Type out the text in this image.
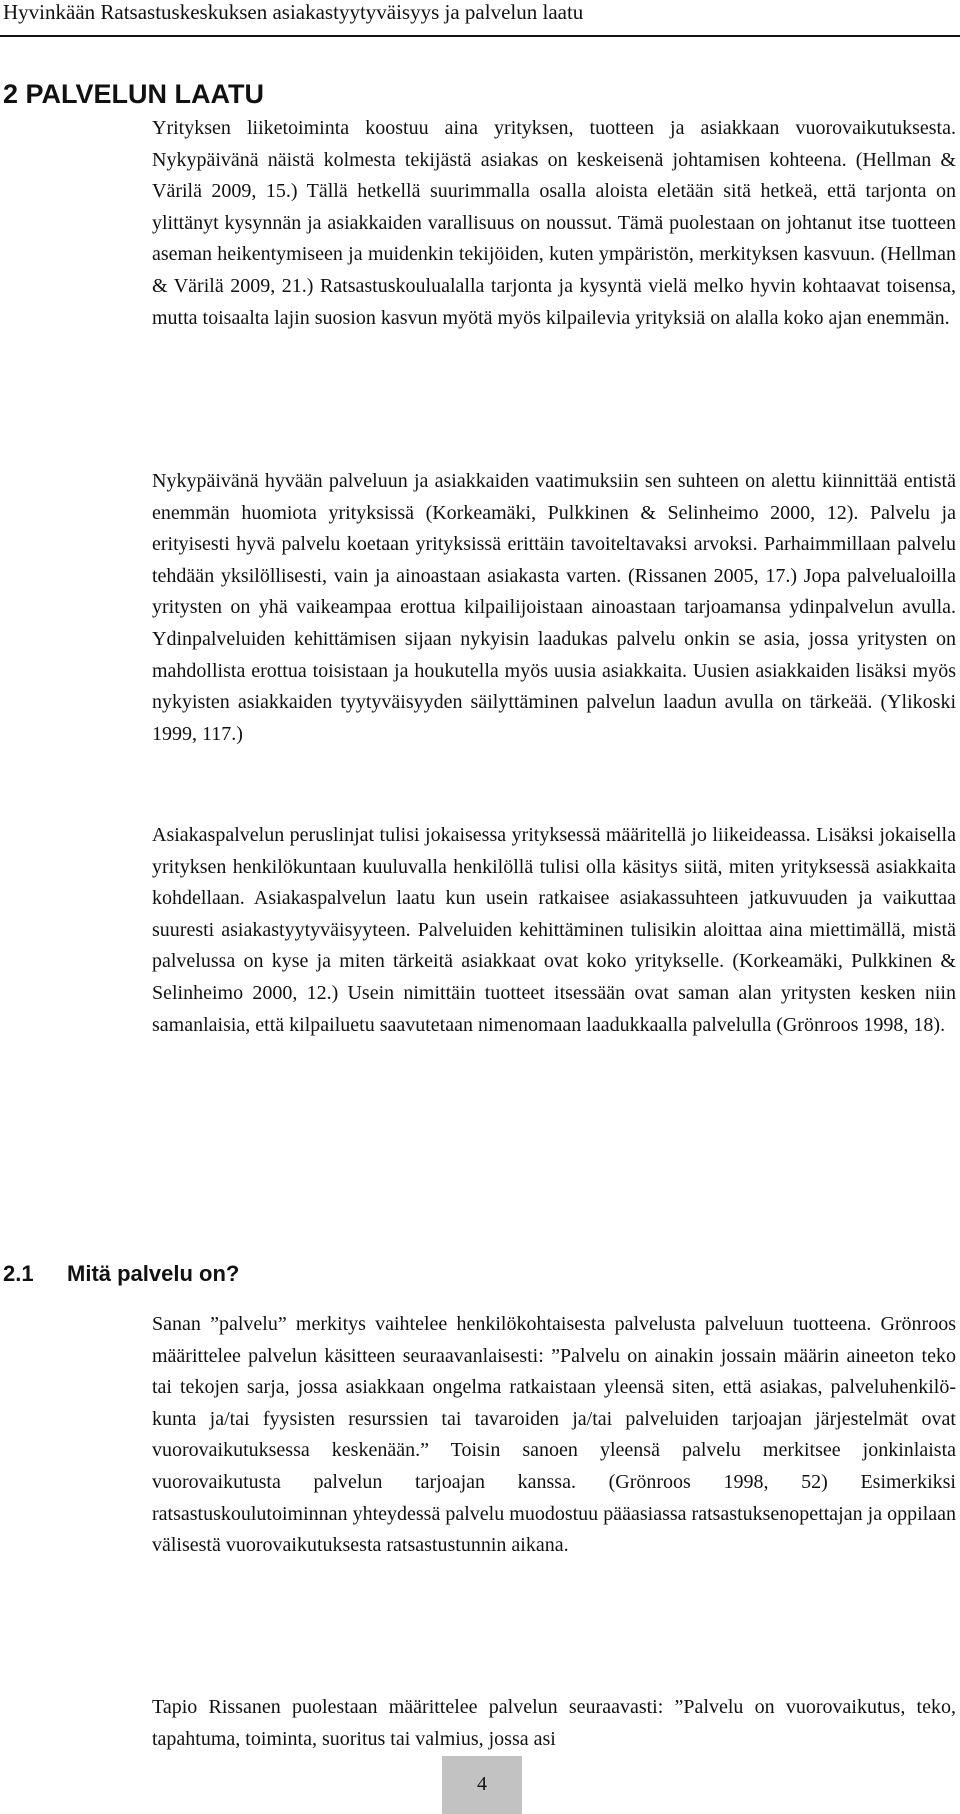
Hyvinkään Ratsastuskeskuksen asiakastyytyväisyys ja palvelun laatu
2 PALVELUN LAATU

Yrityksen liiketoiminta koostuu aina yrityksen, tuotteen ja asiakkaan vuorovaikutuksesta. Nykypäivänä näistä kolmesta tekijästä asiakas on keskeisenä johtamisen kohteena. (Hellman & Värilä 2009, 15.) Tällä hetkellä suurimmalla osalla aloista eletään sitä hetkeä, että tarjonta on ylittänyt kysynnän ja asiakkaiden varallisuus on noussut. Tämä puolestaan on johtanut itse tuotteen aseman heikentymiseen ja muidenkin tekijöiden, kuten ympäristön, merkityksen kasvuun. (Hellman & Värilä 2009, 21.) Ratsastuskoulualalla tarjonta ja kysyntä vielä melko hyvin kohtaavat toisensa, mutta toisaalta lajin suosion kasvun myötä myös kilpailevia yrityksiä on alalla koko ajan enemmän.

Nykypäivänä hyvään palveluun ja asiakkaiden vaatimuksiin sen suhteen on alettu kiinnittää entistä enemmän huomiota yrityksissä (Korkeamäki, Pulkkinen & Selinheimo 2000, 12). Palvelu ja erityisesti hyvä palvelu koetaan yrityksissä erittäin tavoiteltavaksi arvoksi. Parhaimmillaan palvelu tehdään yksilöllisesti, vain ja ainoastaan asiakasta varten. (Rissanen 2005, 17.) Jopa palvelualoilla yritysten on yhä vaikeampaa erottua kilpailijoistaan ainoastaan tarjoamansa ydinpalvelun avulla. Ydinpalveluiden kehittämisen sijaan nykyisin laadukas palvelu onkin se asia, jossa yritysten on mahdollista erottua toisistaan ja houkutella myös uusia asiakkaita. Uusien asiakkaiden lisäksi myös nykyisten asiakkaiden tyytyväisyyden säilyttäminen palvelun laadun avulla on tärkeää. (Ylikoski 1999, 117.)

Asiakaspalvelun peruslinjat tulisi jokaisessa yrityksessä määritellä jo liikeideassa. Lisäksi jokaisella yrityksen henkilökuntaan kuuluvalla henkilöllä tulisi olla käsitys siitä, miten yrityksessä asiakkaita kohdellaan. Asiakaspalvelun laatu kun usein ratkaisee asiakassuhteen jatkuvuuden ja vaikuttaa suuresti asiakastyytyväisyyteen. Palveluiden kehittäminen tulisikin aloittaa aina miettimällä, mistä palvelussa on kyse ja miten tärkeitä asiakkaat ovat koko yritykselle. (Korkeamäki, Pulkkinen & Selinheimo 2000, 12.) Usein nimittäin tuotteet itsessään ovat saman alan yritysten kesken niin samanlaisia, että kilpailuetu saavutetaan nimenomaan laadukkaalla palvelulla (Grönroos 1998, 18).

2.1 Mitä palvelu on?

Sanan ”palvelu” merkitys vaihtelee henkilökohtaisesta palvelusta palveluun tuotteena. Grönroos määrittelee palvelun käsitteen seuraavanlaisesti: ”Palvelu on ainakin jossain määrin aineeton teko tai tekojen sarja, jossa asiakkaan ongelma ratkaistaan yleensä siten, että asiakas, palveluhenkilökunta ja/tai fyysisten resurssien tai tavaroiden ja/tai palveluiden tarjoajan järjestelmät ovat vuorovaikutuksessa keskenään.” Toisin sanoen yleensä palvelu merkitsee jonkinlaista vuorovaikutusta palvelun tarjoajan kanssa. (Grönroos 1998, 52) Esimerkiksi ratsastuskoulutoiminnan yhteydessä palvelu muodostuu pääasiassa ratsastuksenopettajan ja oppilaan välisestä vuorovaikutuksesta ratsastustunnin aikana.

Tapio Rissanen puolestaan määrittelee palvelun seuraavasti: ”Palvelu on vuorovaikutus, teko, tapahtuma, toiminta, suoritus tai valmius, jossa asi

4
